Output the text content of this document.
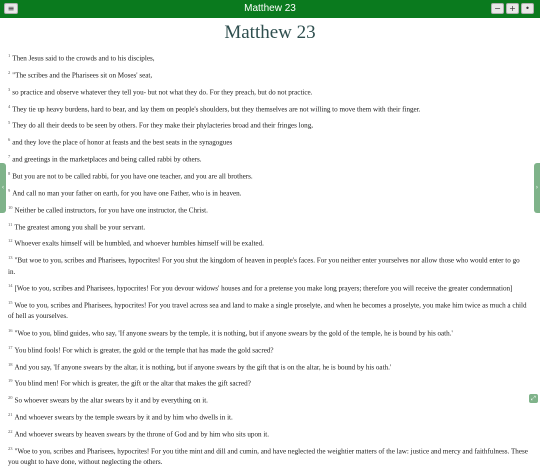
≡	Matthew 23	−	+	•
Matthew 23

$^1$ Then Jesus said to the crowds and to his disciples,

$^2$ "The scribes and the Pharisees sit on Moses' seat,

$^3$ so practice and observe whatever they tell you- but not what they do. For they preach, but do not practice.

$^4$ They tie up heavy burdens, hard to bear, and lay them on people's shoulders, but they themselves are not willing to move them with their finger.

$^5$ They do all their deeds to be seen by others. For they make their phylacteries broad and their fringes long,

$^6$ and they love the place of honor at feasts and the best seats in the synagogues

$^7$ and greetings in the marketplaces and being called rabbi by others.

$^8$ But you are not to be called rabbi, for you have one teacher, and you are all brothers.

$^9$ And call no man your father on earth, for you have one Father, who is in heaven.

$^{10}$ Neither be called instructors, for you have one instructor, the Christ.

$^{11}$ The greatest among you shall be your servant.

$^{12}$ Whoever exalts himself will be humbled, and whoever humbles himself will be exalted.

$^{13}$ "But woe to you, scribes and Pharisees, hypocrites! For you shut the kingdom of heaven in people's faces. For you neither enter yourselves nor allow those who would enter to go in.

$^{14}$ [Woe to you, scribes and Pharisees, hypocrites! For you devour widows' houses and for a pretense you make long prayers; therefore you will receive the greater condemnation]

$^{15}$ Woe to you, scribes and Pharisees, hypocrites! For you travel across sea and land to make a single proselyte, and when he becomes a proselyte, you make him twice as much a child of hell as yourselves.

$^{16}$ "Woe to you, blind guides, who say, 'If anyone swears by the temple, it is nothing, but if anyone swears by the gold of the temple, he is bound by his oath.'

$^{17}$ You blind fools! For which is greater, the gold or the temple that has made the gold sacred?

$^{18}$ And you say, 'If anyone swears by the altar, it is nothing, but if anyone swears by the gift that is on the altar, he is bound by his oath.'

$^{19}$ You blind men! For which is greater, the gift or the altar that makes the gift sacred?

$^{20}$ So whoever swears by the altar swears by it and by everything on it.

$^{21}$ And whoever swears by the temple swears by it and by him who dwells in it.

$^{22}$ And whoever swears by heaven swears by the throne of God and by him who sits upon it.

$^{23}$ "Woe to you, scribes and Pharisees, hypocrites! For you tithe mint and dill and cumin, and have neglected the weightier matters of the law: justice and mercy and faithfulness. These you ought to have done, without neglecting the others.

‹	›
⤢
